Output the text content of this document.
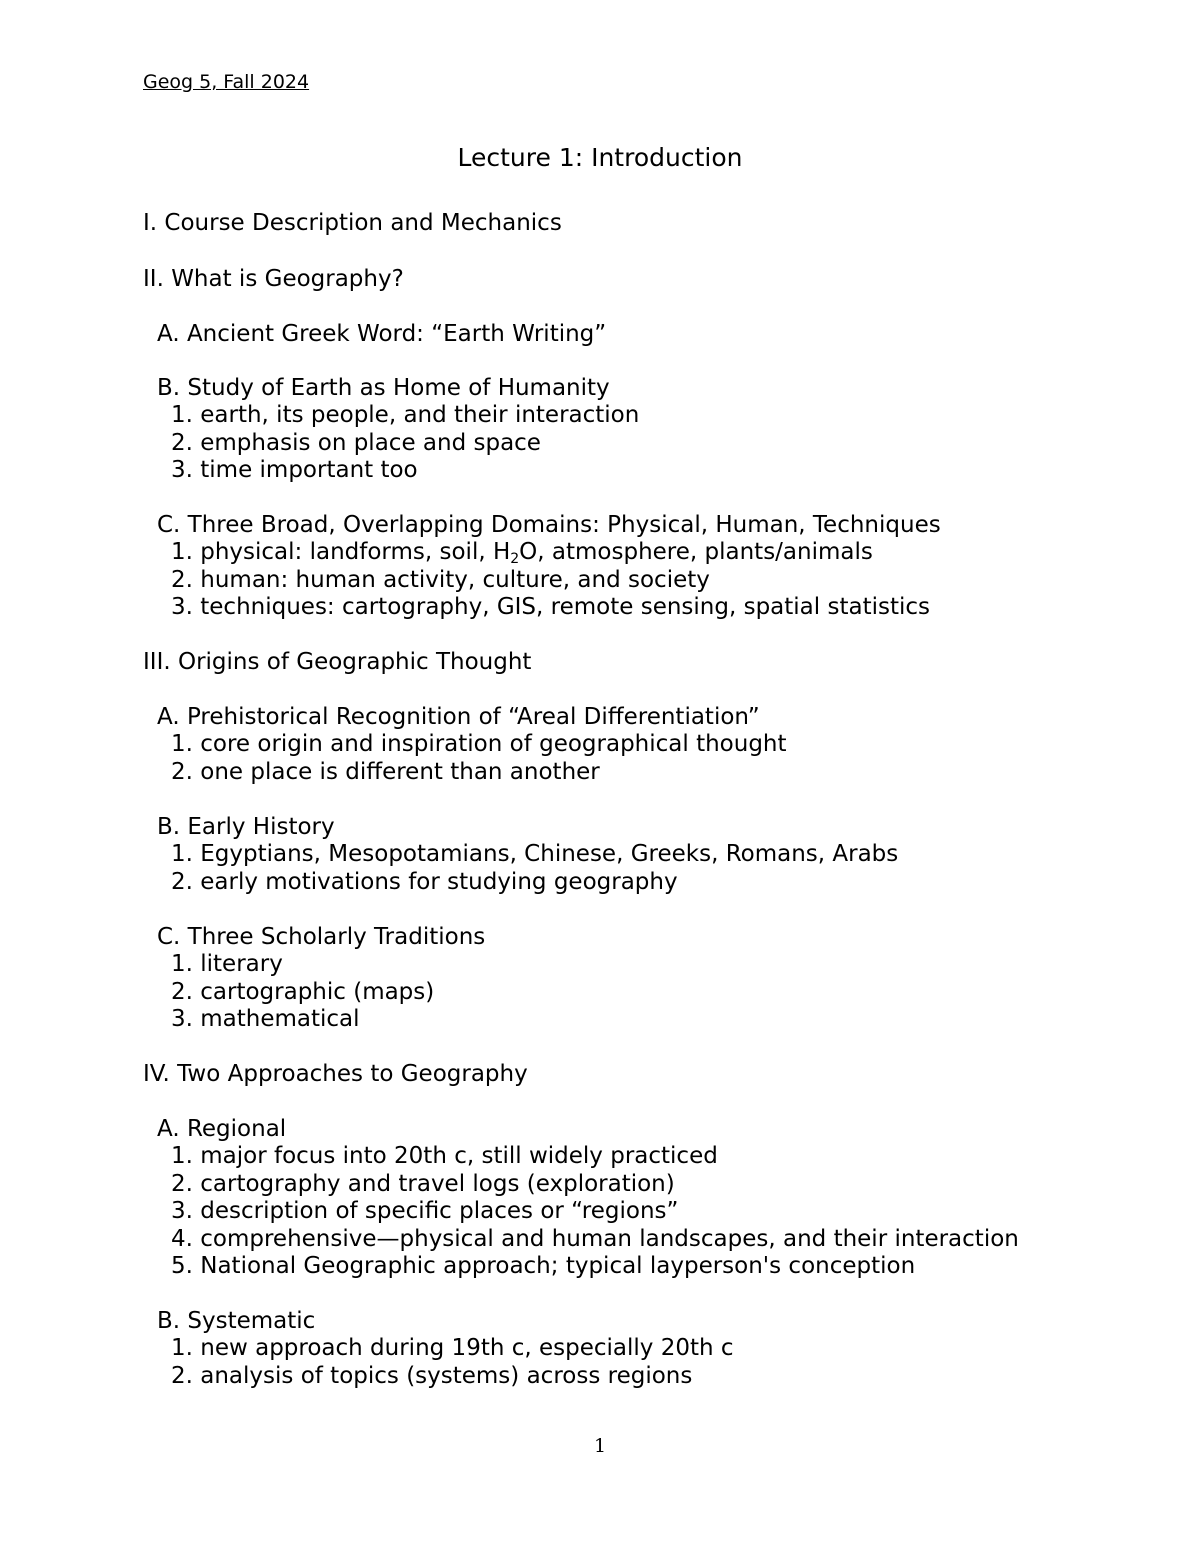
Geog 5, Fall 2024
Lecture 1: Introduction
I. Course Description and Mechanics
II. What is Geography?
A. Ancient Greek Word: “Earth Writing”
B. Study of Earth as Home of Humanity
1. earth, its people, and their interaction
2. emphasis on place and space
3. time important too
C. Three Broad, Overlapping Domains: Physical, Human, Techniques
1. physical: landforms, soil, $H_2O$, atmosphere, plants/animals
2. human: human activity, culture, and society
3. techniques: cartography, GIS, remote sensing, spatial statistics
III. Origins of Geographic Thought
A. Prehistorical Recognition of “Areal Differentiation”
1. core origin and inspiration of geographical thought
2. one place is different than another
B. Early History
1. Egyptians, Mesopotamians, Chinese, Greeks, Romans, Arabs
2. early motivations for studying geography
C. Three Scholarly Traditions
1. literary
2. cartographic (maps)
3. mathematical
IV. Two Approaches to Geography
A. Regional
1. major focus into 20th c, still widely practiced
2. cartography and travel logs (exploration)
3. description of specific places or “regions”
4. comprehensive—physical and human landscapes, and their interaction
5. National Geographic approach; typical layperson's conception
B. Systematic
1. new approach during 19th c, especially 20th c
2. analysis of topics (systems) across regions
1
